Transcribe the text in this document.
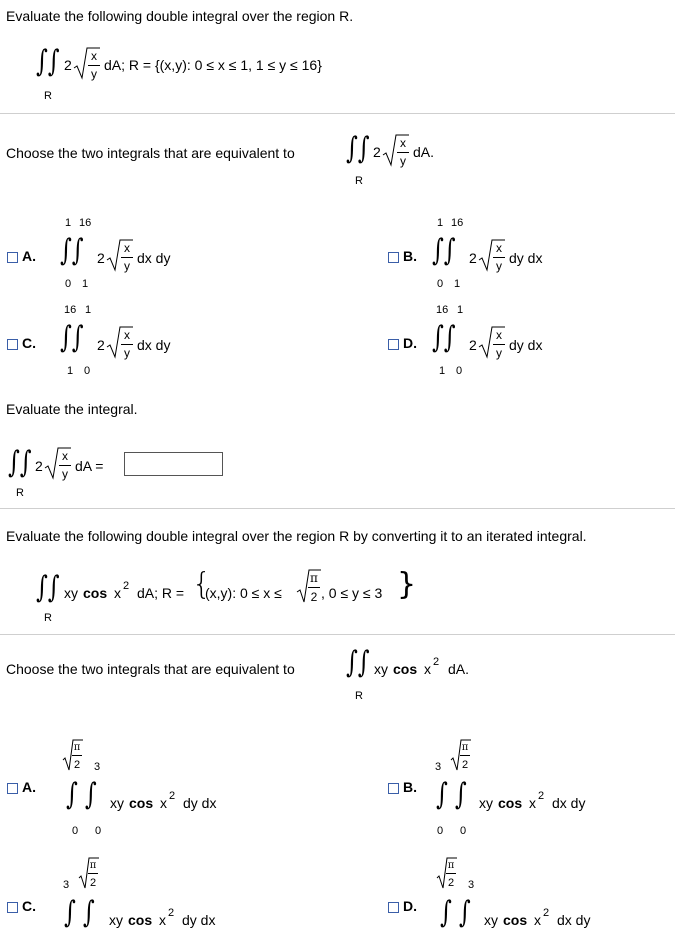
Evaluate the following double integral over the region R.
∫∫ 2
x
y
dA; R = {(x,y): 0 ≤ x ≤ 1, 1 ≤ y ≤ 16}
R
Choose the two integrals that are equivalent to ∫∫ 2
x
y
dA.
R
A.
1 16
∫∫ 2
x
y dx dy
0 1
B.
1 16
∫∫ 2
x
y dy dx
0 1
C.
16 1
∫∫ 2
x
y dx dy
1 0
D.
16 1
∫∫ 2
x
y dy dx
1 0
Evaluate the integral.
∫∫ 2
x
y dA =
R
Evaluate the following double integral over the region R by converting it to an iterated integral.
∫∫ xy cos x 2 dA; R = {
(x,y): 0 ≤ x ≤
π
2 , 0 ≤ y ≤ 3 }
R
Choose the two integrals that are equivalent to ∫∫ xy cos x 2 dA.
R
A.
π
2 3
∫ ∫ xy cos x 2 dy dx
0 0
B.
3
π
2
∫ ∫ xy cos x 2 dx dy
0 0
C.
3
π
2
∫ ∫ xy cos x 2 dy dx
D.
π
2 3
∫ ∫ xy cos x 2 dx dy
